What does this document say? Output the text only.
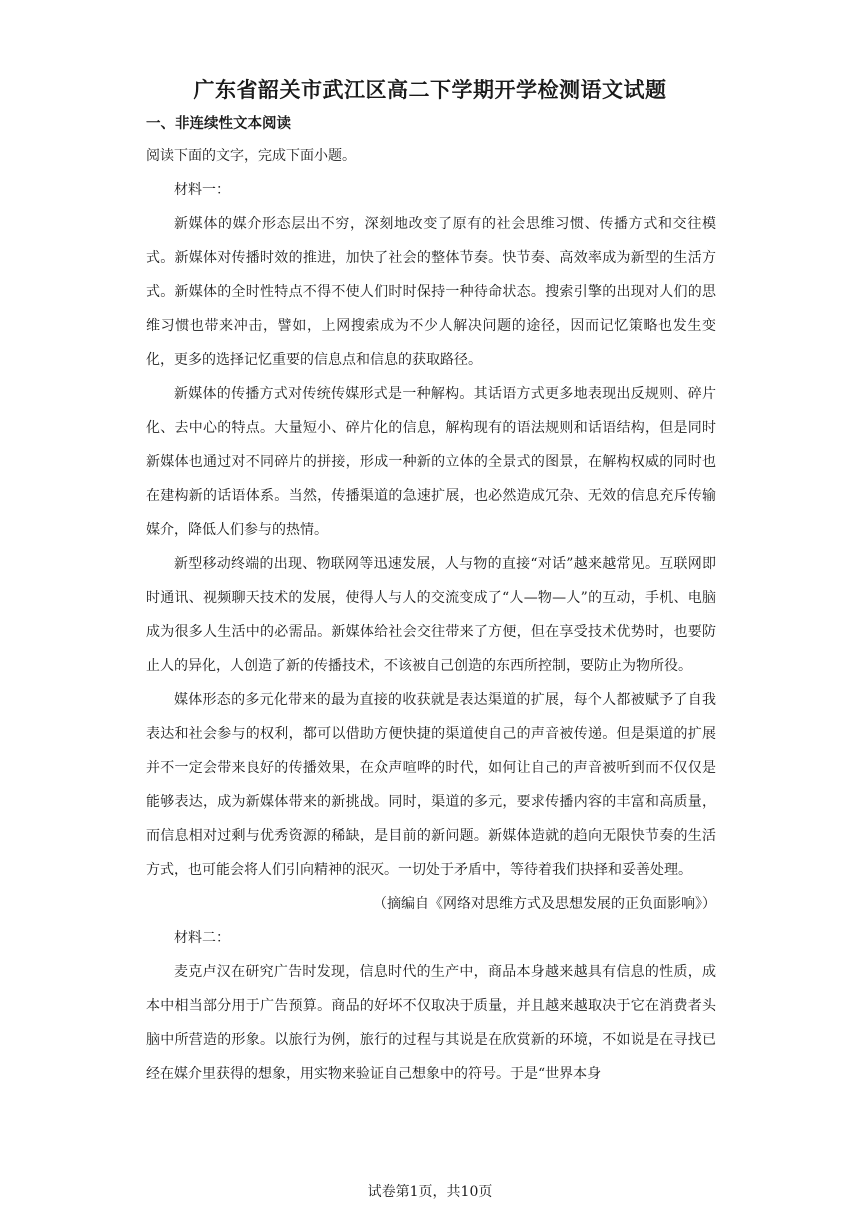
广东省韶关市武江区高二下学期开学检测语文试题
一、非连续性文本阅读

阅读下面的文字，完成下面小题。

材料一：

新媒体的媒介形态层出不穷，深刻地改变了原有的社会思维习惯、传播方式和交往模式。新媒体对传播时效的推进，加快了社会的整体节奏。快节奏、高效率成为新型的生活方式。新媒体的全时性特点不得不使人们时时保持一种待命状态。搜索引擎的出现对人们的思维习惯也带来冲击，譬如，上网搜索成为不少人解决问题的途径，因而记忆策略也发生变化，更多的选择记忆重要的信息点和信息的获取路径。

新媒体的传播方式对传统传媒形式是一种解构。其话语方式更多地表现出反规则、碎片化、去中心的特点。大量短小、碎片化的信息，解构现有的语法规则和话语结构，但是同时新媒体也通过对不同碎片的拼接，形成一种新的立体的全景式的图景，在解构权威的同时也在建构新的话语体系。当然，传播渠道的急速扩展，也必然造成冗杂、无效的信息充斥传输媒介，降低人们参与的热情。

新型移动终端的出现、物联网等迅速发展，人与物的直接“对话”越来越常见。互联网即时通讯、视频聊天技术的发展，使得人与人的交流变成了“人—物—人”的互动，手机、电脑成为很多人生活中的必需品。新媒体给社会交往带来了方便，但在享受技术优势时，也要防止人的异化，人创造了新的传播技术，不该被自己创造的东西所控制，要防止为物所役。

媒体形态的多元化带来的最为直接的收获就是表达渠道的扩展，每个人都被赋予了自我表达和社会参与的权利，都可以借助方便快捷的渠道使自己的声音被传递。但是渠道的扩展并不一定会带来良好的传播效果，在众声喧哗的时代，如何让自己的声音被听到而不仅仅是能够表达，成为新媒体带来的新挑战。同时，渠道的多元，要求传播内容的丰富和高质量，而信息相对过剩与优秀资源的稀缺，是目前的新问题。新媒体造就的趋向无限快节奏的生活方式，也可能会将人们引向精神的泯灭。一切处于矛盾中，等待着我们抉择和妥善处理。

（摘编自《网络对思维方式及思想发展的正负面影响》）

材料二：

麦克卢汉在研究广告时发现，信息时代的生产中，商品本身越来越具有信息的性质，成本中相当部分用于广告预算。商品的好坏不仅取决于质量，并且越来越取决于它在消费者头脑中所营造的形象。以旅行为例，旅行的过程与其说是在欣赏新的环境，不如说是在寻找已经在媒介里获得的想象，用实物来验证自己想象中的符号。于是“世界本身

试卷第1页，共10页
